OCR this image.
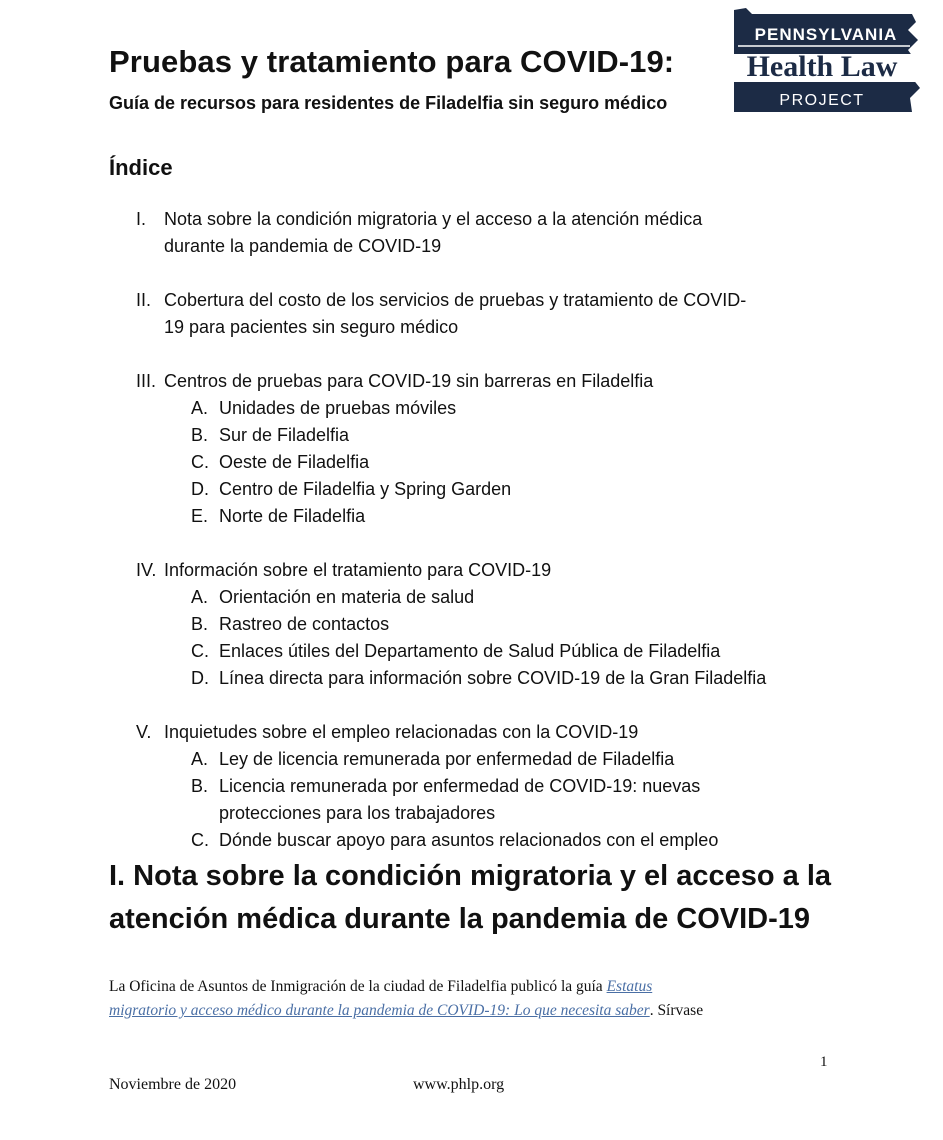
Pruebas y tratamiento para COVID-19:
Guía de recursos para residentes de Filadelfia sin seguro médico
PENNSYLVANIA
Health Law
PROJECT
Índice
I. Nota sobre la condición migratoria y el acceso a la atención médica
durante la pandemia de COVID-19
II. Cobertura del costo de los servicios de pruebas y tratamiento de COVID-
19 para pacientes sin seguro médico
III. Centros de pruebas para COVID-19 sin barreras en Filadelfia
A. Unidades de pruebas móviles
B. Sur de Filadelfia
C. Oeste de Filadelfia
D. Centro de Filadelfia y Spring Garden
E. Norte de Filadelfia
IV. Información sobre el tratamiento para COVID-19
A. Orientación en materia de salud
B. Rastreo de contactos
C. Enlaces útiles del Departamento de Salud Pública de Filadelfia
D. Línea directa para información sobre COVID-19 de la Gran Filadelfia
V. Inquietudes sobre el empleo relacionadas con la COVID-19
A. Ley de licencia remunerada por enfermedad de Filadelfia
B. Licencia remunerada por enfermedad de COVID-19: nuevas
protecciones para los trabajadores
C. Dónde buscar apoyo para asuntos relacionados con el empleo
I. Nota sobre la condición migratoria y el acceso a la
atención médica durante la pandemia de COVID-19

La Oficina de Asuntos de Inmigración de la ciudad de Filadelfia publicó la guía Estatus
migratorio y acceso médico durante la pandemia de COVID-19: Lo que necesita saber. Sírvase

1
Noviembre de 2020	www.phlp.org
